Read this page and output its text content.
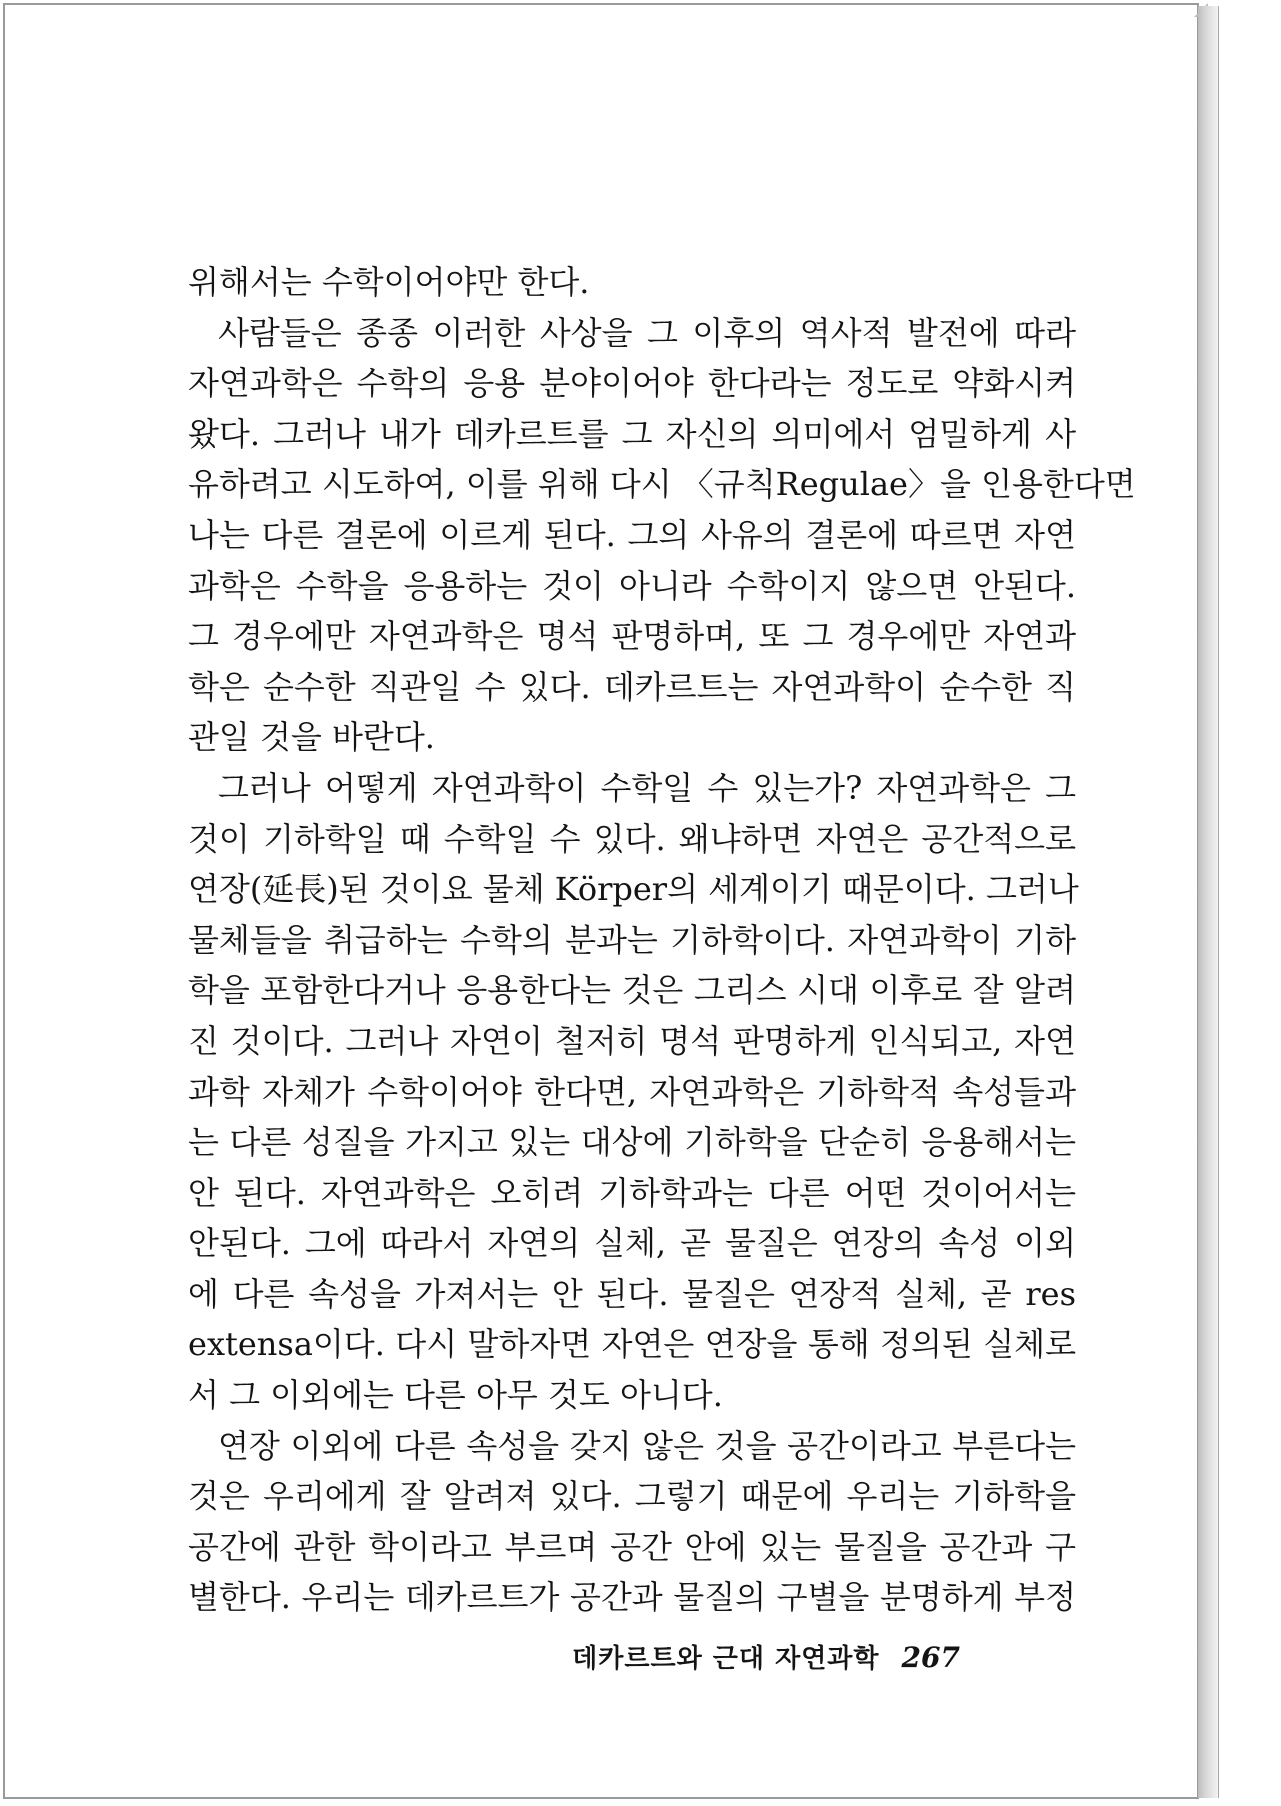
위해서는 수학이어야만 한다.
사람들은 종종 이러한 사상을 그 이후의 역사적 발전에 따라
자연과학은 수학의 응용 분야이어야 한다라는 정도로 약화시켜
왔다. 그러나 내가 데카르트를 그 자신의 의미에서 엄밀하게 사
유하려고 시도하여, 이를 위해 다시 〈규칙Regulae〉을 인용한다면
나는 다른 결론에 이르게 된다. 그의 사유의 결론에 따르면 자연
과학은 수학을 응용하는 것이 아니라 수학이지 않으면 안된다.
그 경우에만 자연과학은 명석 판명하며, 또 그 경우에만 자연과
학은 순수한 직관일 수 있다. 데카르트는 자연과학이 순수한 직
관일 것을 바란다.
그러나 어떻게 자연과학이 수학일 수 있는가? 자연과학은 그
것이 기하학일 때 수학일 수 있다. 왜냐하면 자연은 공간적으로
연장(延長)된 것이요 물체 Körper의 세계이기 때문이다. 그러나
물체들을 취급하는 수학의 분과는 기하학이다. 자연과학이 기하
학을 포함한다거나 응용한다는 것은 그리스 시대 이후로 잘 알려
진 것이다. 그러나 자연이 철저히 명석 판명하게 인식되고, 자연
과학 자체가 수학이어야 한다면, 자연과학은 기하학적 속성들과
는 다른 성질을 가지고 있는 대상에 기하학을 단순히 응용해서는
안 된다. 자연과학은 오히려 기하학과는 다른 어떤 것이어서는
안된다. 그에 따라서 자연의 실체, 곧 물질은 연장의 속성 이외
에 다른 속성을 가져서는 안 된다. 물질은 연장적 실체, 곧 res
extensa이다. 다시 말하자면 자연은 연장을 통해 정의된 실체로
서 그 이외에는 다른 아무 것도 아니다.
연장 이외에 다른 속성을 갖지 않은 것을 공간이라고 부른다는
것은 우리에게 잘 알려져 있다. 그렇기 때문에 우리는 기하학을
공간에 관한 학이라고 부르며 공간 안에 있는 물질을 공간과 구
별한다. 우리는 데카르트가 공간과 물질의 구별을 분명하게 부정
데카르트와 근대 자연과학 267
